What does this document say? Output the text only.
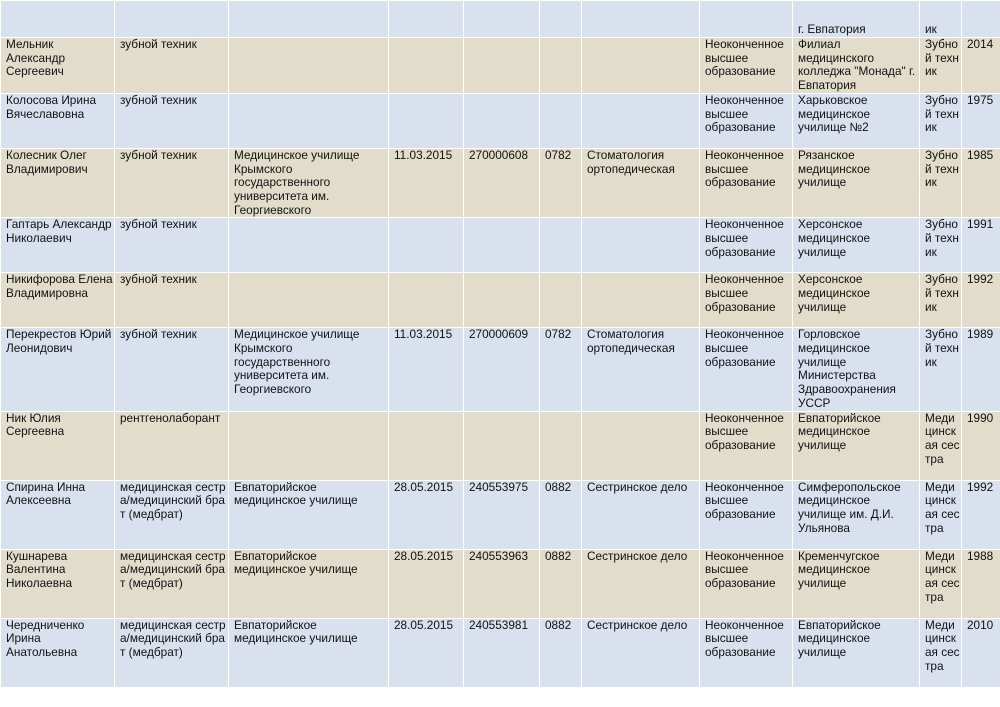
								г. Евпатория	ик	
Мельник Александр Сергеевич	зубной техник						Неоконченное высшее образование	Филиал медицинского колледжа "Монада" г. Евпатория	Зубной техник	2014
Колосова Ирина Вячеславовна	зубной техник						Неоконченное высшее образование	Харьковское медицинское училище №2	Зубной техник	1975
Колесник Олег Владимирович	зубной техник	Медицинское училище Крымского государственного университета им. Георгиевского	11.03.2015	270000608	0782	Стоматология ортопедическая	Неоконченное высшее образование	Рязанское медицинское училище	Зубной техник	1985
Гаптарь Александр Николаевич	зубной техник						Неоконченное высшее образование	Херсонское медицинское училище	Зубной техник	1991
Никифорова Елена Владимировна	зубной техник						Неоконченное высшее образование	Херсонское медицинское училище	Зубной техник	1992
Перекрестов Юрий Леонидович	зубной техник	Медицинское училище Крымского государственного университета им. Георгиевского	11.03.2015	270000609	0782	Стоматология ортопедическая	Неоконченное высшее образование	Горловское медицинское училище Министерства Здравоохранения УССР	Зубной техник	1989
Ник Юлия Сергеевна	рентгенолаборант						Неоконченное высшее образование	Евпаторийское медицинское училище	Медицинская сестра	1990
Спирина Инна Алексеевна	медицинская сестра/медицинский брат (медбрат)	Евпаторийское медицинское училище	28.05.2015	240553975	0882	Сестринское дело	Неоконченное высшее образование	Симферопольское медицинское училище им. Д.И. Ульянова	Медицинская сестра	1992
Кушнарева Валентина Николаевна	медицинская сестра/медицинский брат (медбрат)	Евпаторийское медицинское училище	28.05.2015	240553963	0882	Сестринское дело	Неоконченное высшее образование	Кременчугское медицинское училище	Медицинская сестра	1988
Чередниченко Ирина Анатольевна	медицинская сестра/медицинский брат (медбрат)	Евпаторийское медицинское училище	28.05.2015	240553981	0882	Сестринское дело	Неоконченное высшее образование	Евпаторийское медицинское училище	Медицинская сестра	2010
